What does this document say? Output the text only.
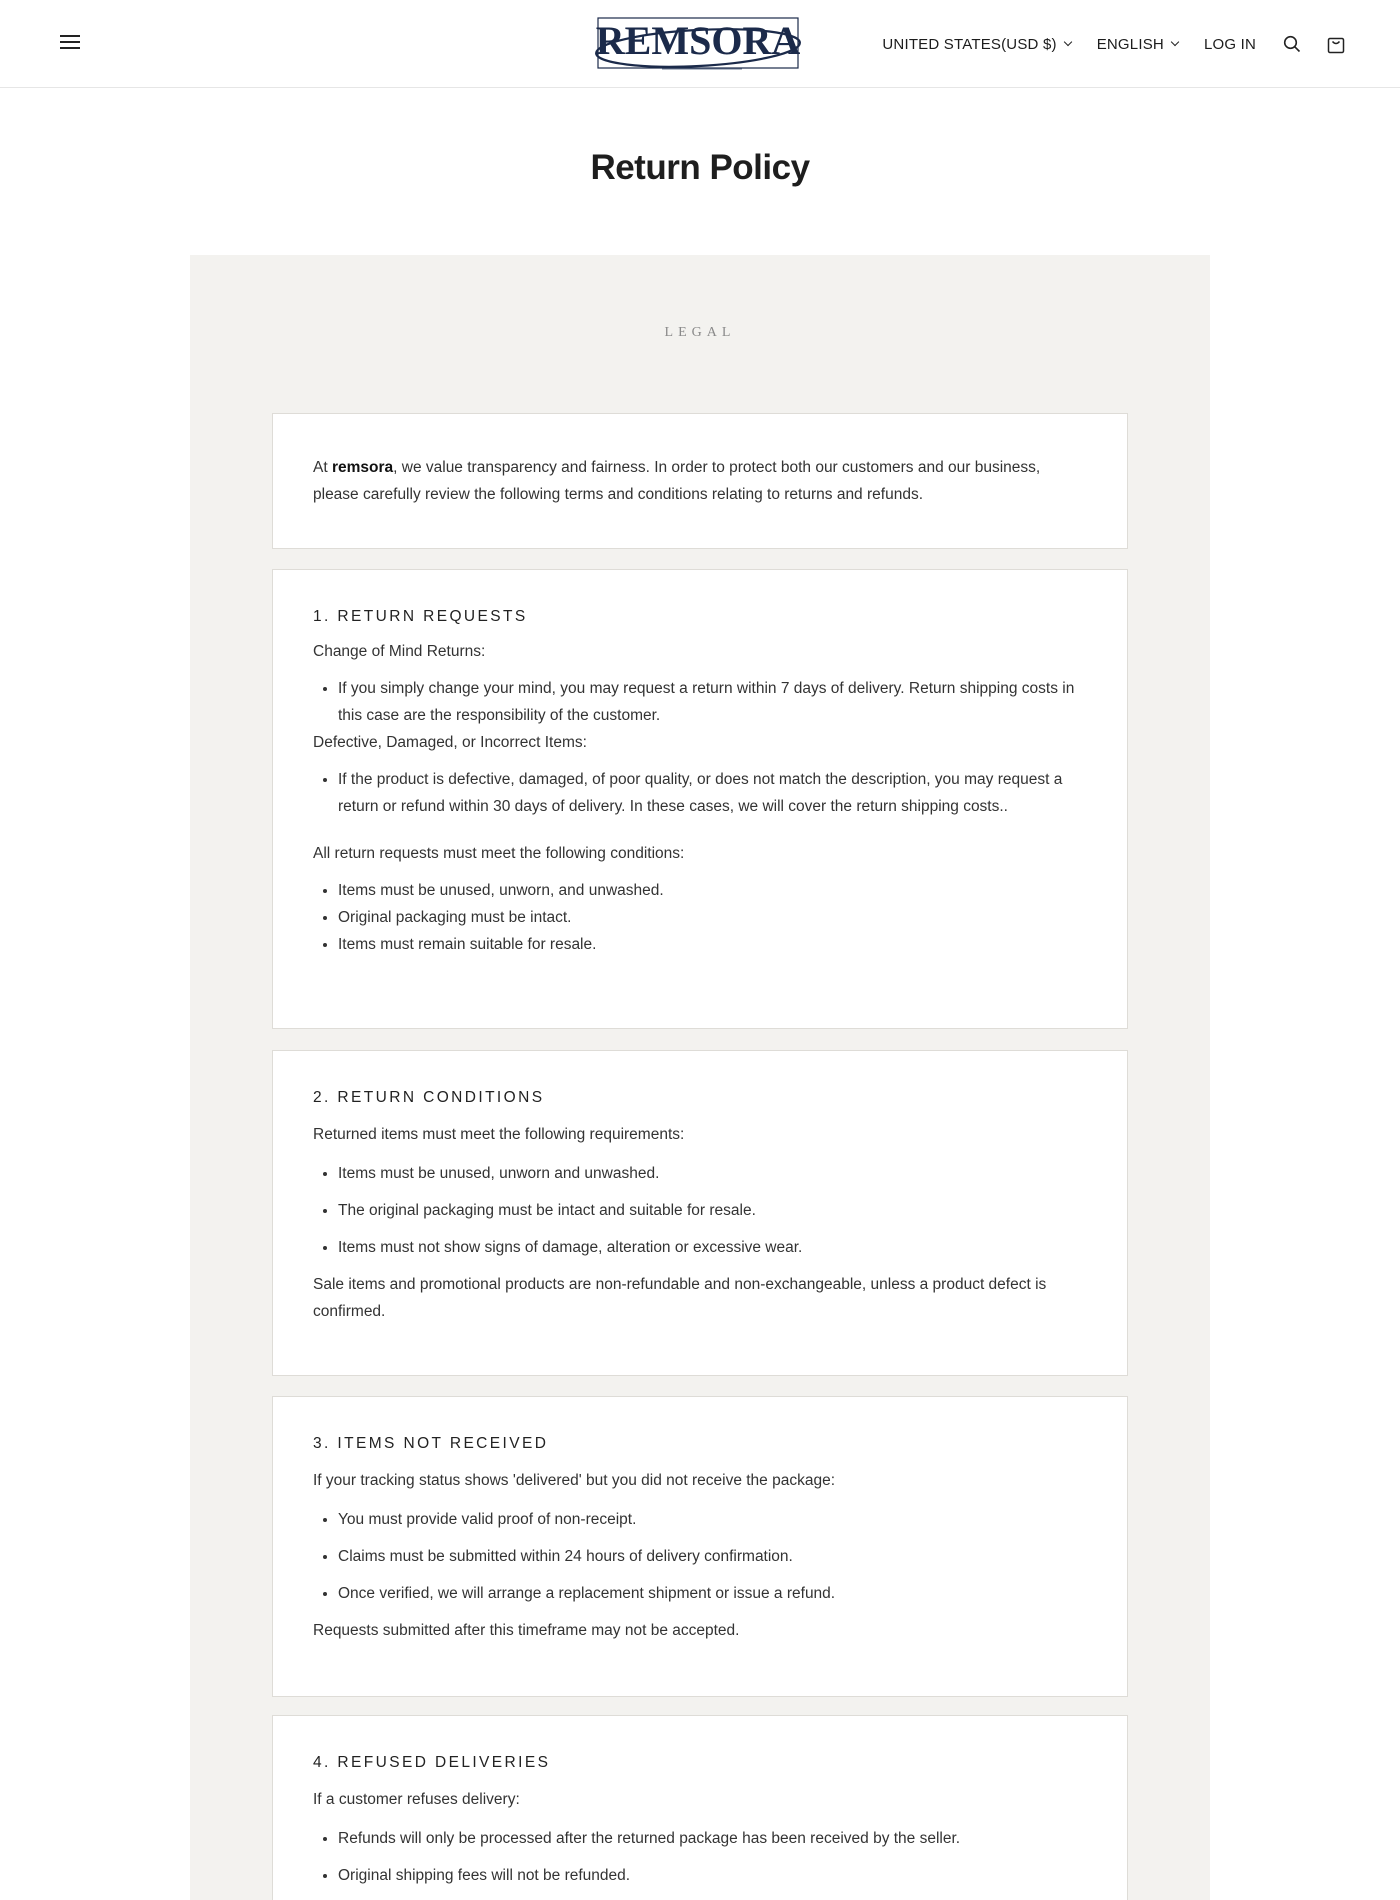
REMSORA	UNITED STATES(USD $)	ENGLISH	LOG IN
Return Policy
LEGAL

At remsora, we value transparency and fairness. In order to protect both our customers and our business, please carefully review the following terms and conditions relating to returns and refunds.

1. RETURN REQUESTS

Change of Mind Returns:

• If you simply change your mind, you may request a return within 7 days of delivery. Return shipping costs in this case are the responsibility of the customer.

Defective, Damaged, or Incorrect Items:

• If the product is defective, damaged, of poor quality, or does not match the description, you may request a return or refund within 30 days of delivery. In these cases, we will cover the return shipping costs..

All return requests must meet the following conditions:

• Items must be unused, unworn, and unwashed.
• Original packaging must be intact.
• Items must remain suitable for resale.
2. RETURN CONDITIONS

Returned items must meet the following requirements:

• Items must be unused, unworn and unwashed.
• The original packaging must be intact and suitable for resale.
• Items must not show signs of damage, alteration or excessive wear.

Sale items and promotional products are non-refundable and non-exchangeable, unless a product defect is confirmed.

3. ITEMS NOT RECEIVED

If your tracking status shows 'delivered' but you did not receive the package:

• You must provide valid proof of non-receipt.
• Claims must be submitted within 24 hours of delivery confirmation.
• Once verified, we will arrange a replacement shipment or issue a refund.

Requests submitted after this timeframe may not be accepted.

4. REFUSED DELIVERIES

If a customer refuses delivery:

• Refunds will only be processed after the returned package has been received by the seller.
• Original shipping fees will not be refunded.
